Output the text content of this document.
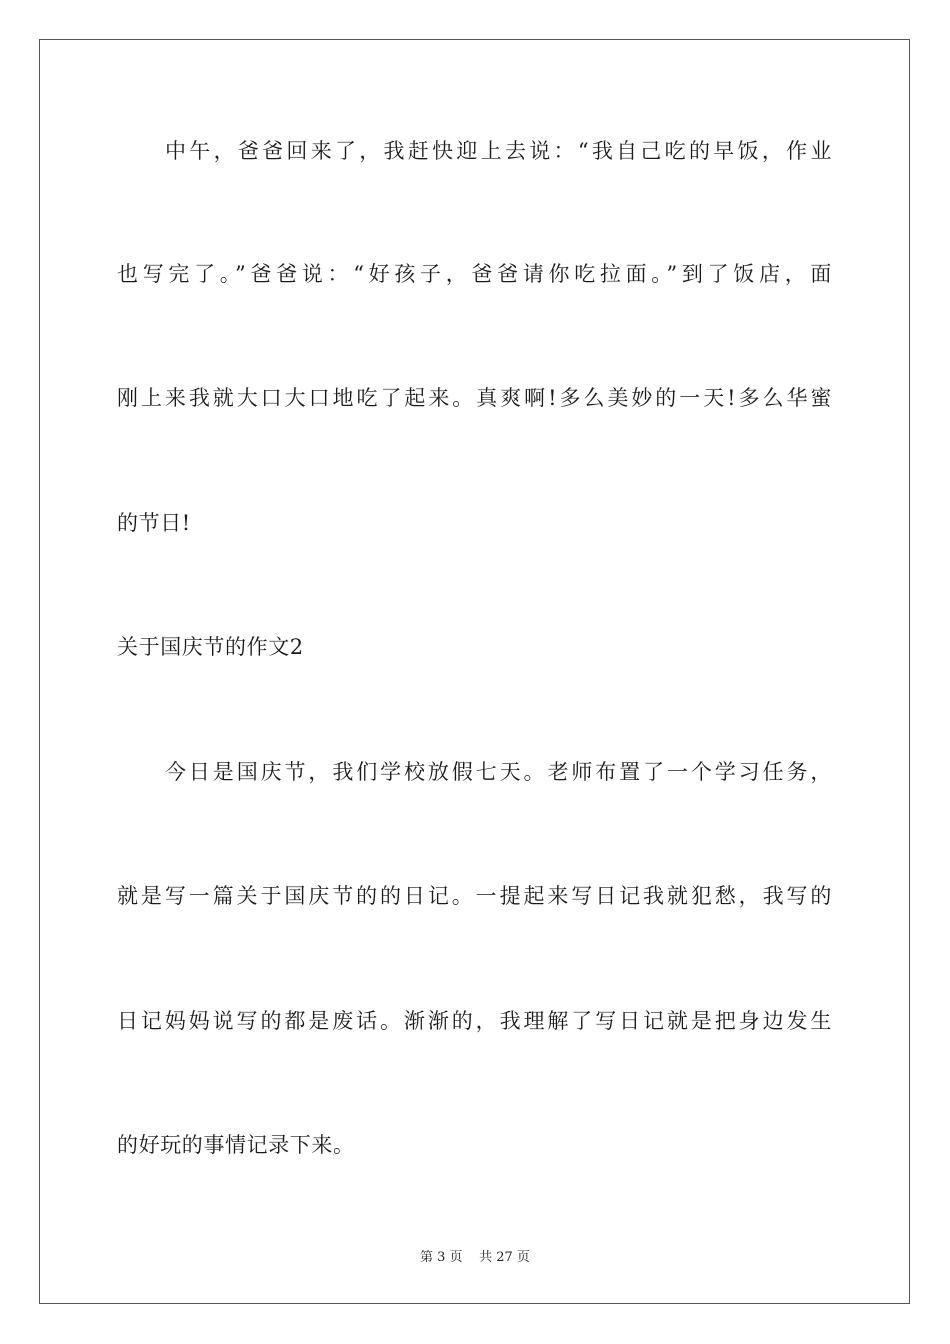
中午，爸爸回来了，我赶快迎上去说：“我自己吃的早饭，作业
也写完了。”爸爸说：“好孩子，爸爸请你吃拉面。”到了饭店，面
刚上来我就大口大口地吃了起来。真爽啊!多么美妙的一天!多么华蜜
的节日!
关于国庆节的作文2
今日是国庆节，我们学校放假七天。老师布置了一个学习任务，
就是写一篇关于国庆节的的日记。一提起来写日记我就犯愁，我写的
日记妈妈说写的都是废话。渐渐的，我理解了写日记就是把身边发生
的好玩的事情记录下来。
第 3 页 共 27 页
